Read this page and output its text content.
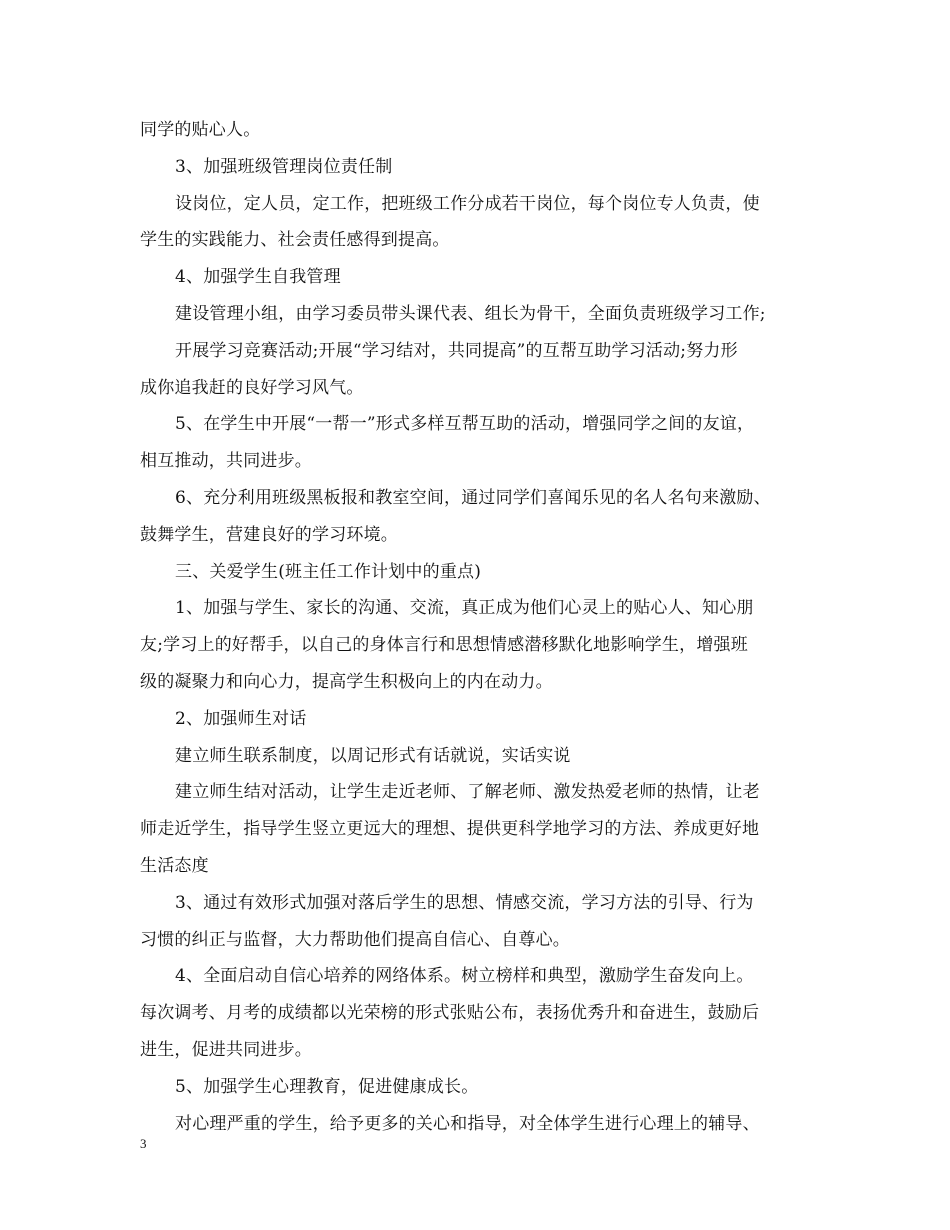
同学的贴心人。
3、加强班级管理岗位责任制
设岗位，定人员，定工作，把班级工作分成若干岗位，每个岗位专人负责，使
学生的实践能力、社会责任感得到提高。
4、加强学生自我管理
建设管理小组，由学习委员带头课代表、组长为骨干，全面负责班级学习工作;
开展学习竞赛活动;开展“学习结对，共同提高”的互帮互助学习活动;努力形
成你追我赶的良好学习风气。
5、在学生中开展“一帮一”形式多样互帮互助的活动，增强同学之间的友谊，
相互推动，共同进步。
6、充分利用班级黑板报和教室空间，通过同学们喜闻乐见的名人名句来激励、
鼓舞学生，营建良好的学习环境。
三、关爱学生(班主任工作计划中的重点)
1、加强与学生、家长的沟通、交流，真正成为他们心灵上的贴心人、知心朋
友;学习上的好帮手，以自己的身体言行和思想情感潜移默化地影响学生，增强班
级的凝聚力和向心力，提高学生积极向上的内在动力。
2、加强师生对话
建立师生联系制度，以周记形式有话就说，实话实说
建立师生结对活动，让学生走近老师、了解老师、激发热爱老师的热情，让老
师走近学生，指导学生竖立更远大的理想、提供更科学地学习的方法、养成更好地
生活态度
3、通过有效形式加强对落后学生的思想、情感交流，学习方法的引导、行为
习惯的纠正与监督，大力帮助他们提高自信心、自尊心。
4、全面启动自信心培养的网络体系。树立榜样和典型，激励学生奋发向上。
每次调考、月考的成绩都以光荣榜的形式张贴公布，表扬优秀升和奋进生，鼓励后
进生，促进共同进步。
5、加强学生心理教育，促进健康成长。
对心理严重的学生，给予更多的关心和指导，对全体学生进行心理上的辅导、
3
